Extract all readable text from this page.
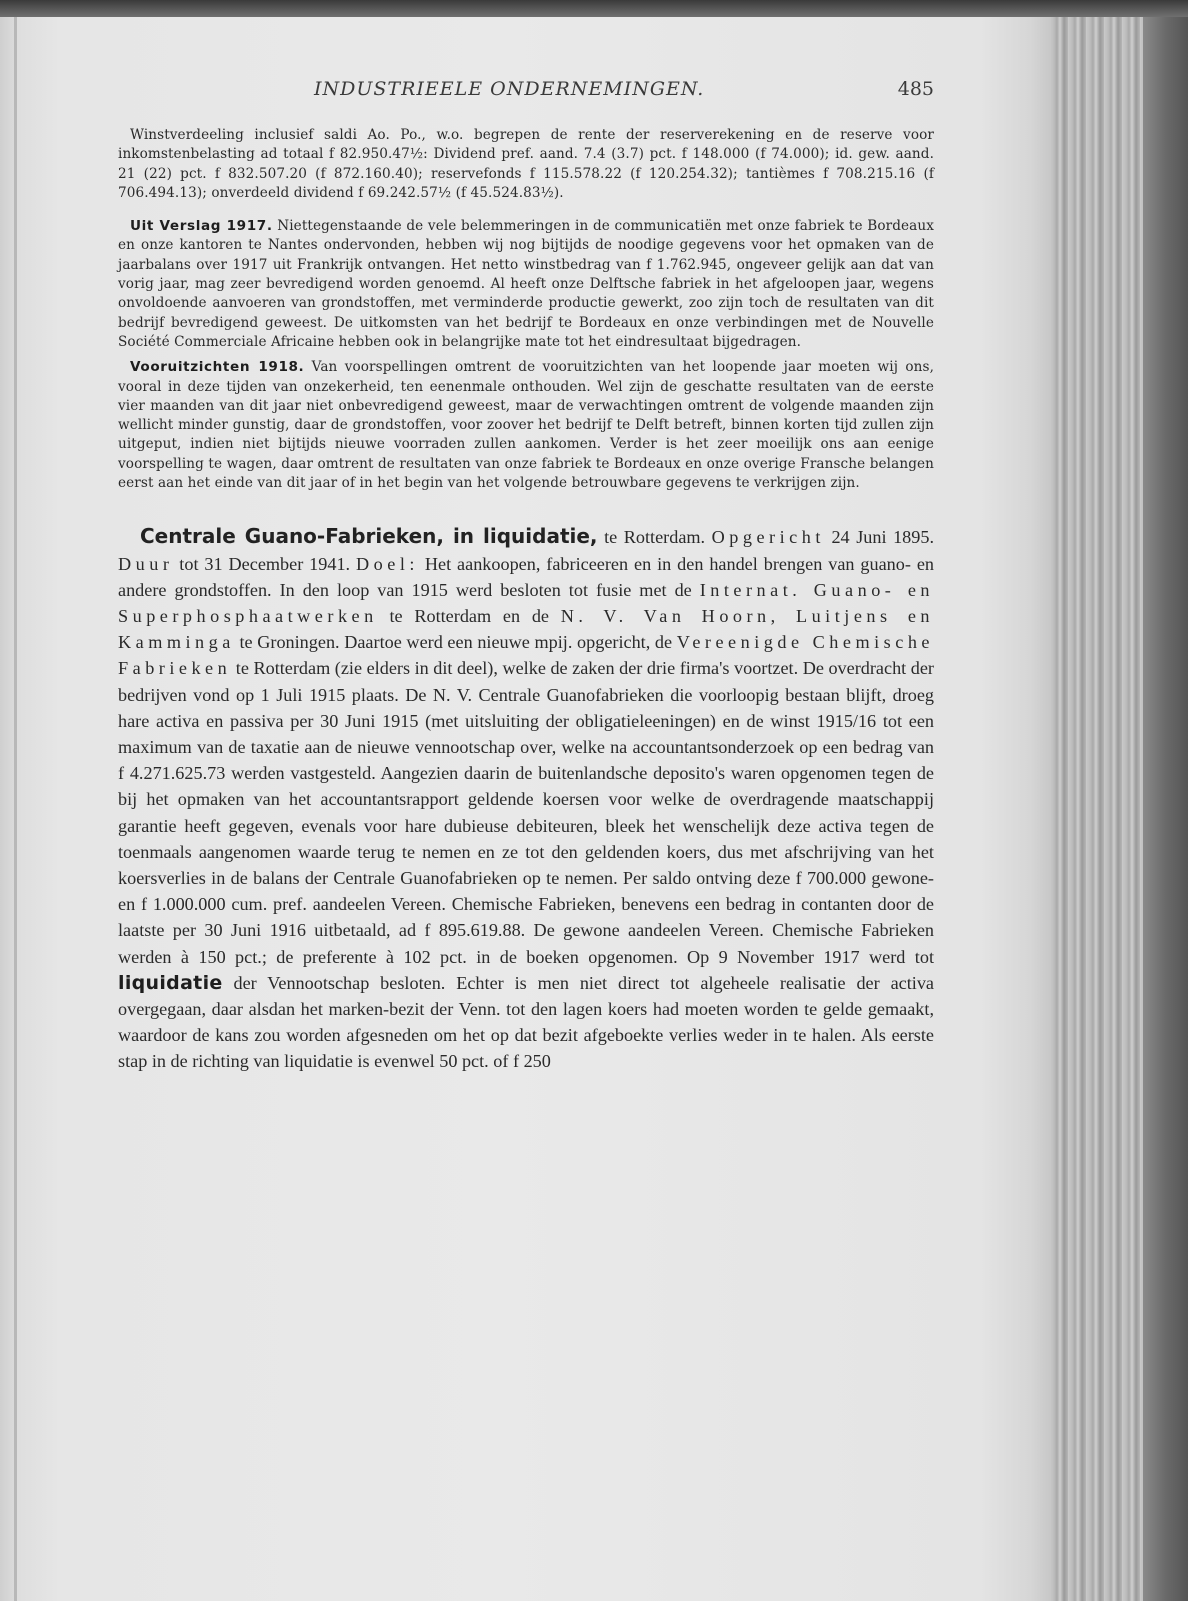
INDUSTRIEELE ONDERNEMINGEN.	485

Winstverdeeling inclusief saldi Ao. Po., w.o. begrepen de rente der reserverekening en de reserve voor inkomstenbelasting ad totaal f 82.950.47½: Dividend pref. aand. 7.4 (3.7) pct. f 148.000 (f 74.000); id. gew. aand. 21 (22) pct. f 832.507.20 (f 872.160.40); reservefonds f 115.578.22 (f 120.254.32); tantièmes f 708.215.16 (f 706.494.13); onverdeeld dividend f 69.242.57½ (f 45.524.83½).

Uit Verslag 1917. Niettegenstaande de vele belemmeringen in de communicatiën met onze fabriek te Bordeaux en onze kantoren te Nantes ondervonden, hebben wij nog bijtijds de noodige gegevens voor het opmaken van de jaarbalans over 1917 uit Frankrijk ontvangen. Het netto winstbedrag van f 1.762.945, ongeveer gelijk aan dat van vorig jaar, mag zeer bevredigend worden genoemd. Al heeft onze Delftsche fabriek in het afgeloopen jaar, wegens onvoldoende aanvoeren van grondstoffen, met verminderde productie gewerkt, zoo zijn toch de resultaten van dit bedrijf bevredigend geweest. De uitkomsten van het bedrijf te Bordeaux en onze verbindingen met de Nouvelle Société Commerciale Africaine hebben ook in belangrijke mate tot het eindresultaat bijgedragen.

Vooruitzichten 1918. Van voorspellingen omtrent de vooruitzichten van het loopende jaar moeten wij ons, vooral in deze tijden van onzekerheid, ten eenenmale onthouden. Wel zijn de geschatte resultaten van de eerste vier maanden van dit jaar niet onbevredigend geweest, maar de verwachtingen omtrent de volgende maanden zijn wellicht minder gunstig, daar de grondstoffen, voor zoover het bedrijf te Delft betreft, binnen korten tijd zullen zijn uitgeput, indien niet bijtijds nieuwe voorraden zullen aankomen. Verder is het zeer moeilijk ons aan eenige voorspelling te wagen, daar omtrent de resultaten van onze fabriek te Bordeaux en onze overige Fransche belangen eerst aan het einde van dit jaar of in het begin van het volgende betrouwbare gegevens te verkrijgen zijn.

Centrale Guano-Fabrieken, in liquidatie, te Rotterdam. Opgericht 24 Juni 1895. Duur tot 31 December 1941. Doel: Het aankoopen, fabriceeren en in den handel brengen van guano- en andere grondstoffen. In den loop van 1915 werd besloten tot fusie met de Internat. Guano- en Superphosphaatwerken te Rotterdam en de N. V. Van Hoorn, Luitjens en Kamminga te Groningen. Daartoe werd een nieuwe mpij. opgericht, de Vereenigde Chemische Fabrieken te Rotterdam (zie elders in dit deel), welke de zaken der drie firma's voortzet. De overdracht der bedrijven vond op 1 Juli 1915 plaats. De N. V. Centrale Guanofabrieken die voorloopig bestaan blijft, droeg hare activa en passiva per 30 Juni 1915 (met uitsluiting der obligatieleeningen) en de winst 1915/16 tot een maximum van de taxatie aan de nieuwe vennootschap over, welke na accountantsonderzoek op een bedrag van f 4.271.625.73 werden vastgesteld. Aangezien daarin de buitenlandsche deposito's waren opgenomen tegen de bij het opmaken van het accountantsrapport geldende koersen voor welke de overdragende maatschappij garantie heeft gegeven, evenals voor hare dubieuse debiteuren, bleek het wenschelijk deze activa tegen de toenmaals aangenomen waarde terug te nemen en ze tot den geldenden koers, dus met afschrijving van het koersverlies in de balans der Centrale Guanofabrieken op te nemen. Per saldo ontving deze f 700.000 gewone- en f 1.000.000 cum. pref. aandeelen Vereen. Chemische Fabrieken, benevens een bedrag in contanten door de laatste per 30 Juni 1916 uitbetaald, ad f 895.619.88. De gewone aandeelen Vereen. Chemische Fabrieken werden à 150 pct.; de preferente à 102 pct. in de boeken opgenomen. Op 9 November 1917 werd tot liquidatie der Vennootschap besloten. Echter is men niet direct tot algeheele realisatie der activa overgegaan, daar alsdan het marken-bezit der Venn. tot den lagen koers had moeten worden te gelde gemaakt, waardoor de kans zou worden afgesneden om het op dat bezit afgeboekte verlies weder in te halen. Als eerste stap in de richting van liquidatie is evenwel 50 pct. of f 250
